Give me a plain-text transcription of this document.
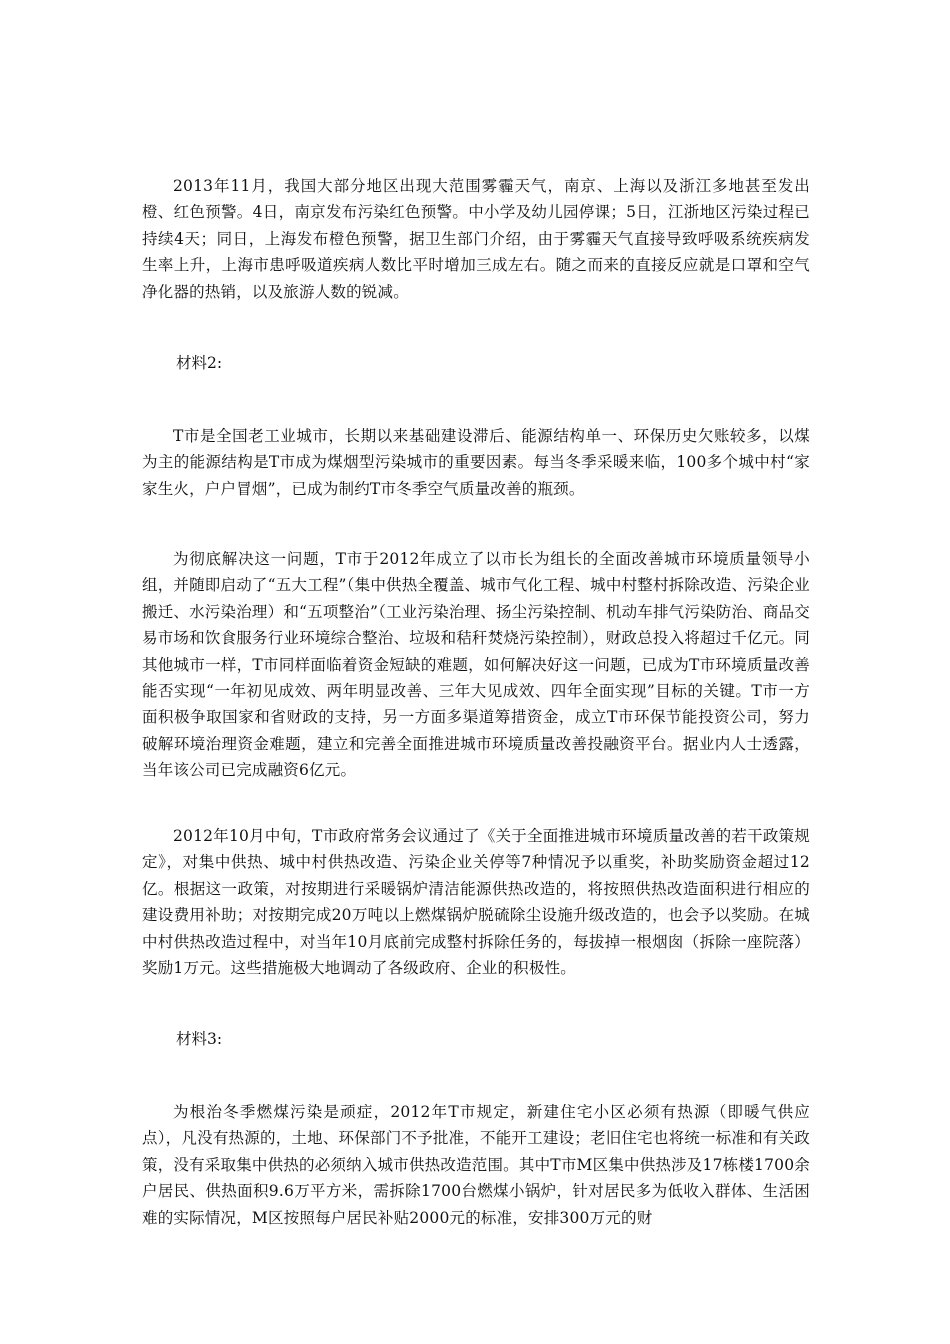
2013年11月，我国大部分地区出现大范围雾霾天气，南京、上海以及浙江多地甚至发出橙、红色预警。4日，南京发布污染红色预警。中小学及幼儿园停课；5日，江浙地区污染过程已持续4天；同日，上海发布橙色预警，据卫生部门介绍，由于雾霾天气直接导致呼吸系统疾病发生率上升，上海市患呼吸道疾病人数比平时增加三成左右。随之而来的直接反应就是口罩和空气净化器的热销，以及旅游人数的锐减。

材料2:

T市是全国老工业城市，长期以来基础建设滞后、能源结构单一、环保历史欠账较多，以煤为主的能源结构是T市成为煤烟型污染城市的重要因素。每当冬季采暖来临，100多个城中村“家家生火，户户冒烟”，已成为制约T市冬季空气质量改善的瓶颈。

为彻底解决这一问题，T市于2012年成立了以市长为组长的全面改善城市环境质量领导小组，并随即启动了“五大工程”（集中供热全覆盖、城市气化工程、城中村整村拆除改造、污染企业搬迁、水污染治理）和“五项整治”（工业污染治理、扬尘污染控制、机动车排气污染防治、商品交易市场和饮食服务行业环境综合整治、垃圾和秸秆焚烧污染控制），财政总投入将超过千亿元。同其他城市一样，T市同样面临着资金短缺的难题，如何解决好这一问题，已成为T市环境质量改善能否实现“一年初见成效、两年明显改善、三年大见成效、四年全面实现”目标的关键。T市一方面积极争取国家和省财政的支持，另一方面多渠道筹措资金，成立T市环保节能投资公司，努力破解环境治理资金难题，建立和完善全面推进城市环境质量改善投融资平台。据业内人士透露，当年该公司已完成融资6亿元。

2012年10月中旬，T市政府常务会议通过了《关于全面推进城市环境质量改善的若干政策规定》，对集中供热、城中村供热改造、污染企业关停等7种情况予以重奖，补助奖励资金超过12亿。根据这一政策，对按期进行采暖锅炉清洁能源供热改造的，将按照供热改造面积进行相应的建设费用补助；对按期完成20万吨以上燃煤锅炉脱硫除尘设施升级改造的，也会予以奖励。在城中村供热改造过程中，对当年10月底前完成整村拆除任务的，每拔掉一根烟囱（拆除一座院落）奖励1万元。这些措施极大地调动了各级政府、企业的积极性。

材料3:

为根治冬季燃煤污染是顽症，2012年T市规定，新建住宅小区必须有热源（即暖气供应点），凡没有热源的，土地、环保部门不予批准，不能开工建设；老旧住宅也将统一标准和有关政策，没有采取集中供热的必须纳入城市供热改造范围。其中T市M区集中供热涉及17栋楼1700余户居民、供热面积9.6万平方米，需拆除1700台燃煤小锅炉，针对居民多为低收入群体、生活困难的实际情况，M区按照每户居民补贴2000元的标准，安排300万元的财
